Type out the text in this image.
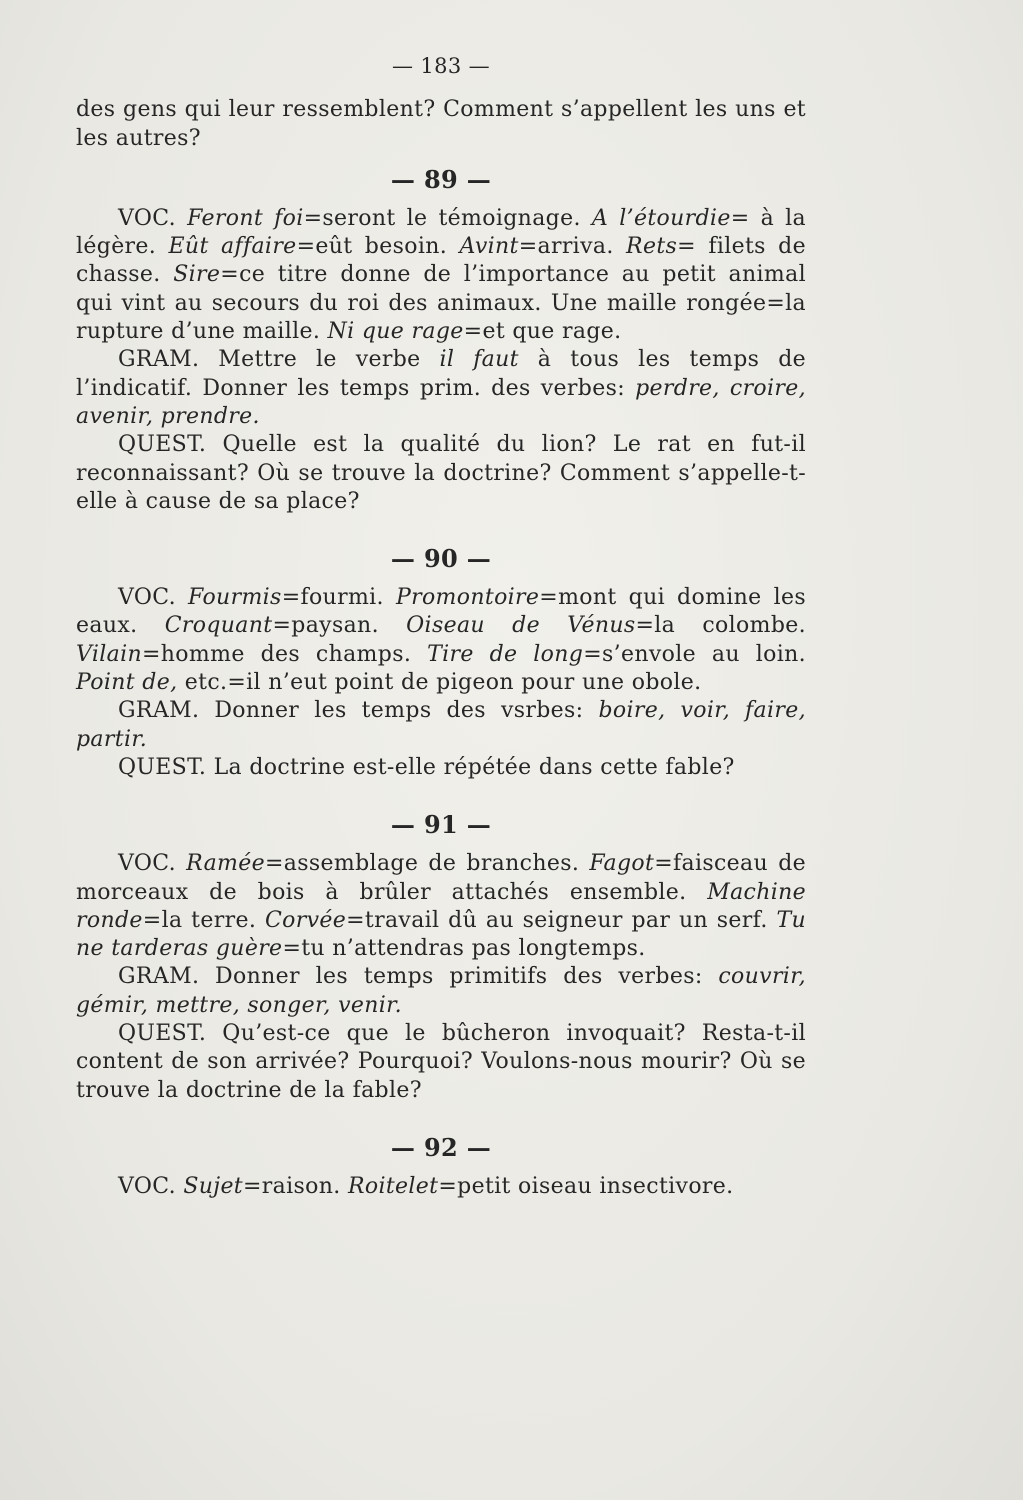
— 183 —

des gens qui leur ressemblent? Comment s’appellent les uns et les autres?

— 89 —

VOC. Feront foi=seront le témoignage. A l’étourdie= à la légère. Eût affaire=eût besoin. Avint=arriva. Rets= filets de chasse. Sire=ce titre donne de l’importance au petit animal qui vint au secours du roi des animaux. Une maille rongée=la rupture d’une maille. Ni que rage=et que rage.

GRAM. Mettre le verbe il faut à tous les temps de l’indicatif. Donner les temps prim. des verbes: perdre, croire, avenir, prendre.

QUEST. Quelle est la qualité du lion? Le rat en fut-il reconnaissant? Où se trouve la doctrine? Comment s’appelle-t-elle à cause de sa place?

— 90 —

VOC. Fourmis=fourmi. Promontoire=mont qui domine les eaux. Croquant=paysan. Oiseau de Vénus=la colombe. Vilain=homme des champs. Tire de long=s’envole au loin. Point de, etc.=il n’eut point de pigeon pour une obole.

GRAM. Donner les temps des vsrbes: boire, voir, faire, partir.

QUEST. La doctrine est-elle répétée dans cette fable?

— 91 —

VOC. Ramée=assemblage de branches. Fagot=faisceau de morceaux de bois à brûler attachés ensemble. Machine ronde=la terre. Corvée=travail dû au seigneur par un serf. Tu ne tarderas guère=tu n’attendras pas longtemps.

GRAM. Donner les temps primitifs des verbes: couvrir, gémir, mettre, songer, venir.

QUEST. Qu’est-ce que le bûcheron invoquait? Resta-t-il content de son arrivée? Pourquoi? Voulons-nous mourir? Où se trouve la doctrine de la fable?

— 92 —

VOC. Sujet=raison. Roitelet=petit oiseau insectivore.
